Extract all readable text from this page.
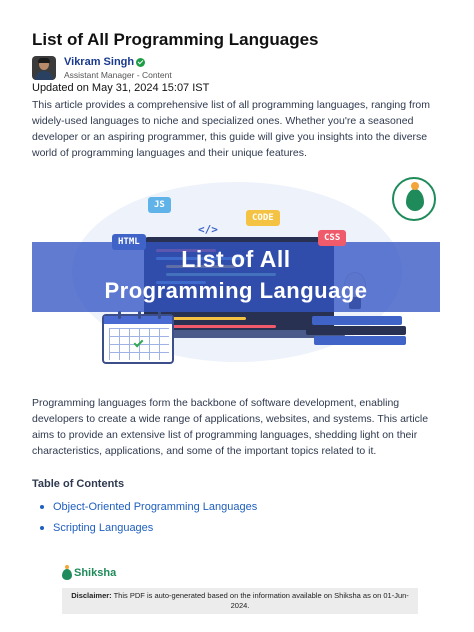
List of All Programming Languages
Vikram Singh
Assistant Manager - Content
Updated on May 31, 2024 15:07 IST

This article provides a comprehensive list of all programming languages, ranging from widely-used languages to niche and specialized ones. Whether you're a seasoned developer or an aspiring programmer, this guide will give you insights into the diverse world of programming languages and their unique features.

JS
CODE
</>
HTML	CSS
List of All
Programming Language

Programming languages form the backbone of software development, enabling developers to create a wide range of applications, websites, and systems. This article aims to provide an extensive list of programming languages, shedding light on their characteristics, applications, and some of the important topics related to it.

Table of Contents
Object-Oriented Programming Languages
Scripting Languages
Shiksha
Disclaimer: This PDF is auto-generated based on the information available on Shiksha as on 01-Jun-2024.
